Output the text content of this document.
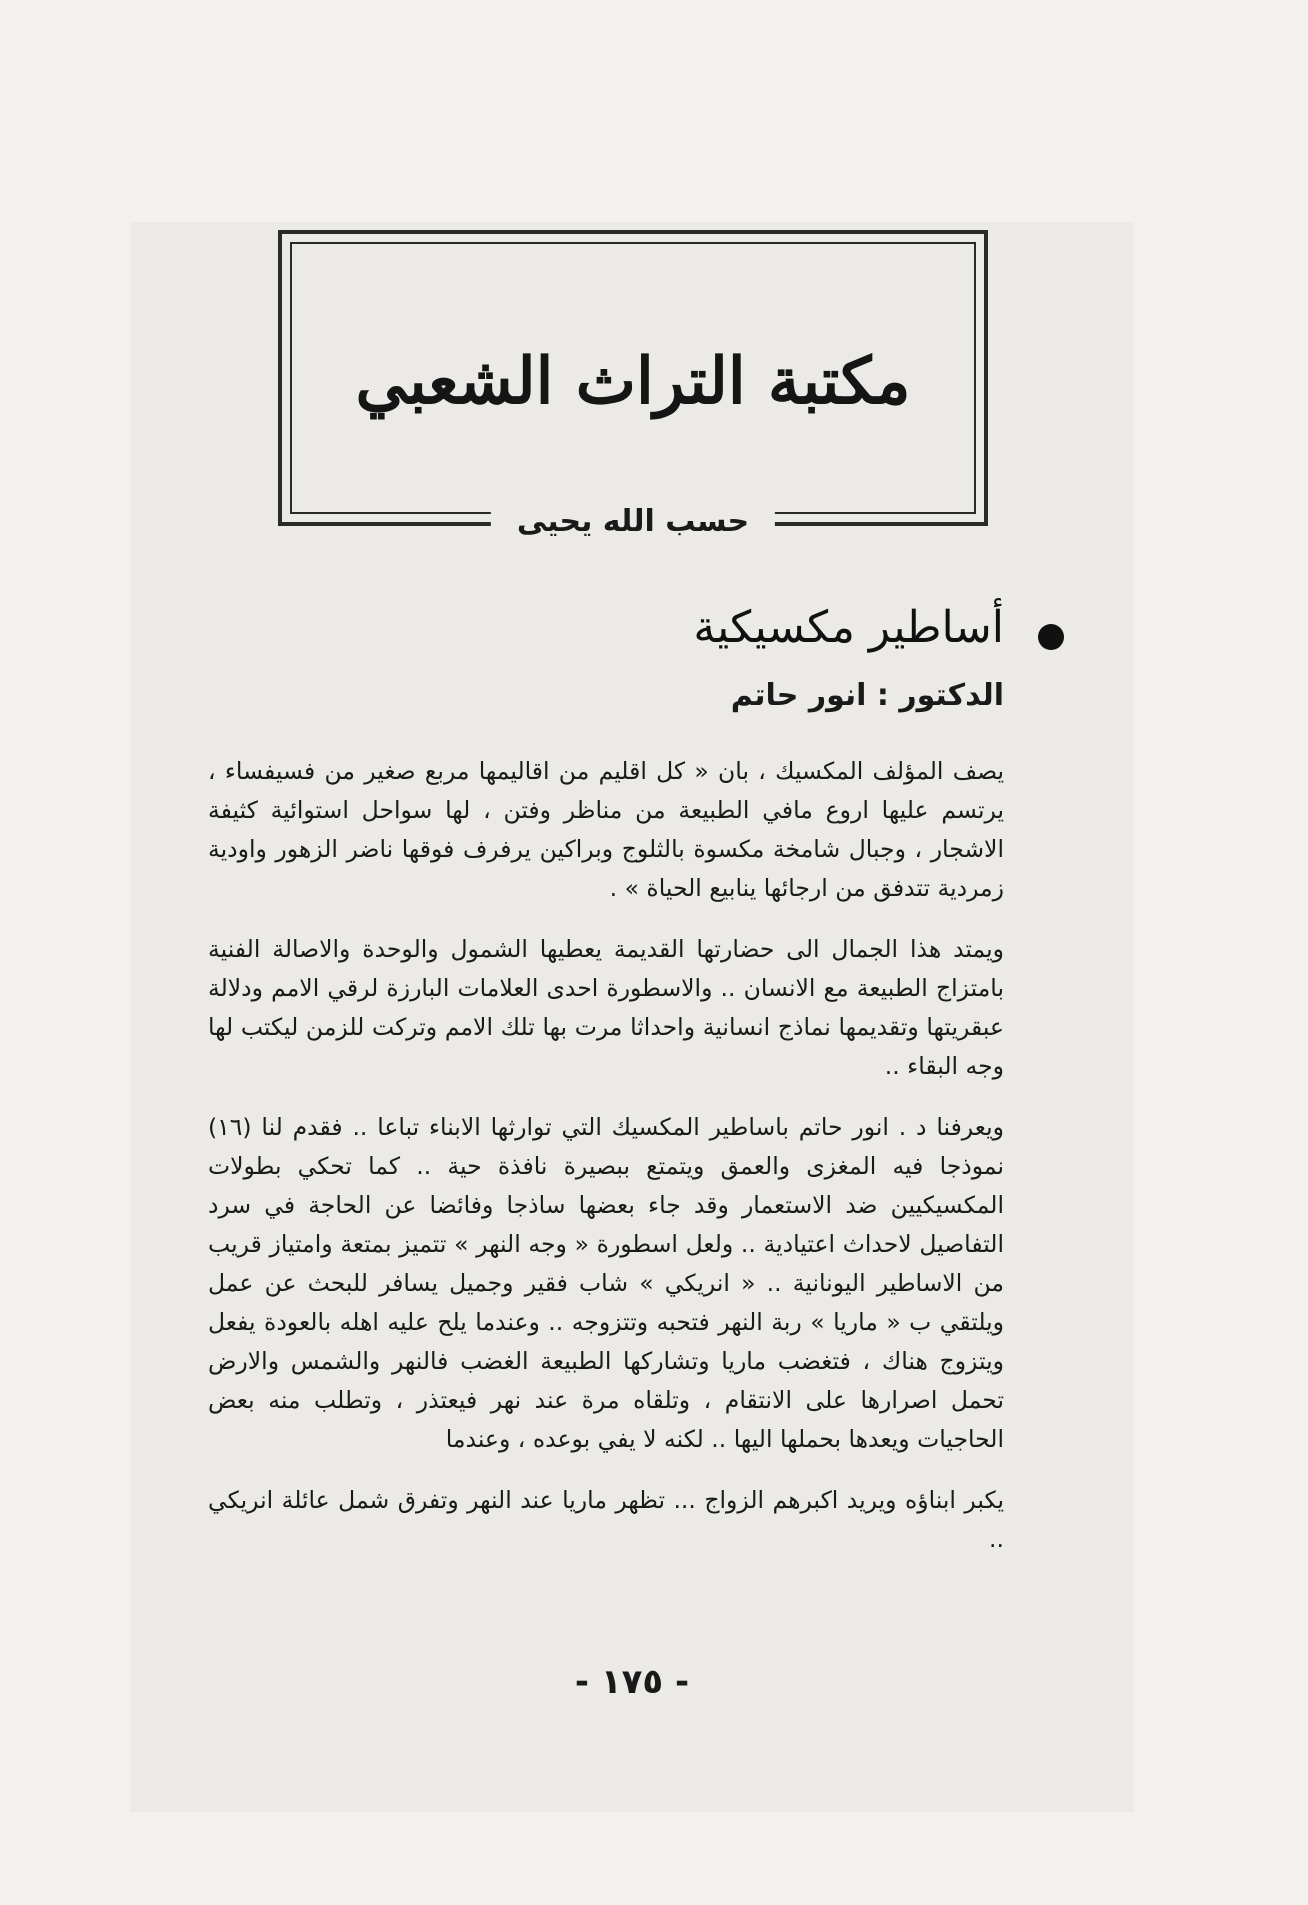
مكتبة التراث الشعبي
حسب الله يحيى
أساطير مكسيكية
الدكتور : انور حاتم

يصف المؤلف المكسيك ، بان « كل اقليم من اقاليمها مربع صغير من فسيفساء ، يرتسم عليها اروع مافي الطبيعة من مناظر وفتن ، لها سواحل استوائية كثيفة الاشجار ، وجبال شامخة مكسوة بالثلوج وبراكين يرفرف فوقها ناضر الزهور واودية زمردية تتدفق من ارجائها ينابيع الحياة » .

ويمتد هذا الجمال الى حضارتها القديمة يعطيها الشمول والوحدة والاصالة الفنية بامتزاج الطبيعة مع الانسان .. والاسطورة احدى العلامات البارزة لرقي الامم ودلالة عبقريتها وتقديمها نماذج انسانية واحداثا مرت بها تلك الامم وتركت للزمن ليكتب لها وجه البقاء ..

ويعرفنا د . انور حاتم باساطير المكسيك التي توارثها الابناء تباعا .. فقدم لنا (١٦) نموذجا فيه المغزى والعمق ويتمتع ببصيرة نافذة حية .. كما تحكي بطولات المكسيكيين ضد الاستعمار وقد جاء بعضها ساذجا وفائضا عن الحاجة في سرد التفاصيل لاحداث اعتيادية .. ولعل اسطورة « وجه النهر » تتميز بمتعة وامتياز قريب من الاساطير اليونانية .. « انريكي » شاب فقير وجميل يسافر للبحث عن عمل ويلتقي ب « ماريا » ربة النهر فتحبه وتتزوجه .. وعندما يلح عليه اهله بالعودة يفعل ويتزوج هناك ، فتغضب ماريا وتشاركها الطبيعة الغضب فالنهر والشمس والارض تحمل اصرارها على الانتقام ، وتلقاه مرة عند نهر فيعتذر ، وتطلب منه بعض الحاجيات ويعدها بحملها اليها .. لكنه لا يفي بوعده ، وعندما

يكبر ابناؤه ويريد اكبرهم الزواج ... تظهر ماريا عند النهر وتفرق شمل عائلة انريكي ..

- ١٧٥ -
